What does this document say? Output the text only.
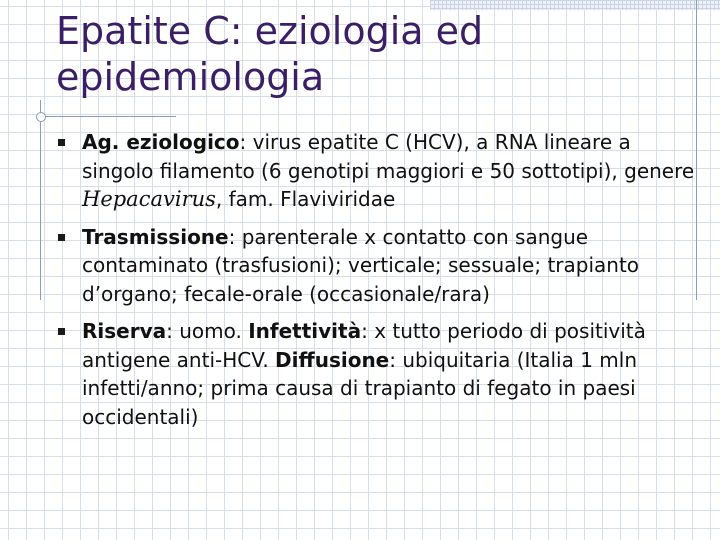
Epatite C: eziologia ed epidemiologia
Ag. eziologico: virus epatite C (HCV), a RNA lineare a singolo filamento (6 genotipi maggiori e 50 sottotipi), genere Hepacavirus, fam. Flaviviridae
Trasmissione: parenterale x contatto con sangue contaminato (trasfusioni); verticale; sessuale; trapianto d’organo; fecale-orale (occasionale/rara)
Riserva: uomo. Infettività: x tutto periodo di positività antigene anti-HCV. Diffusione: ubiquitaria (Italia 1 mln infetti/anno; prima causa di trapianto di fegato in paesi occidentali)
